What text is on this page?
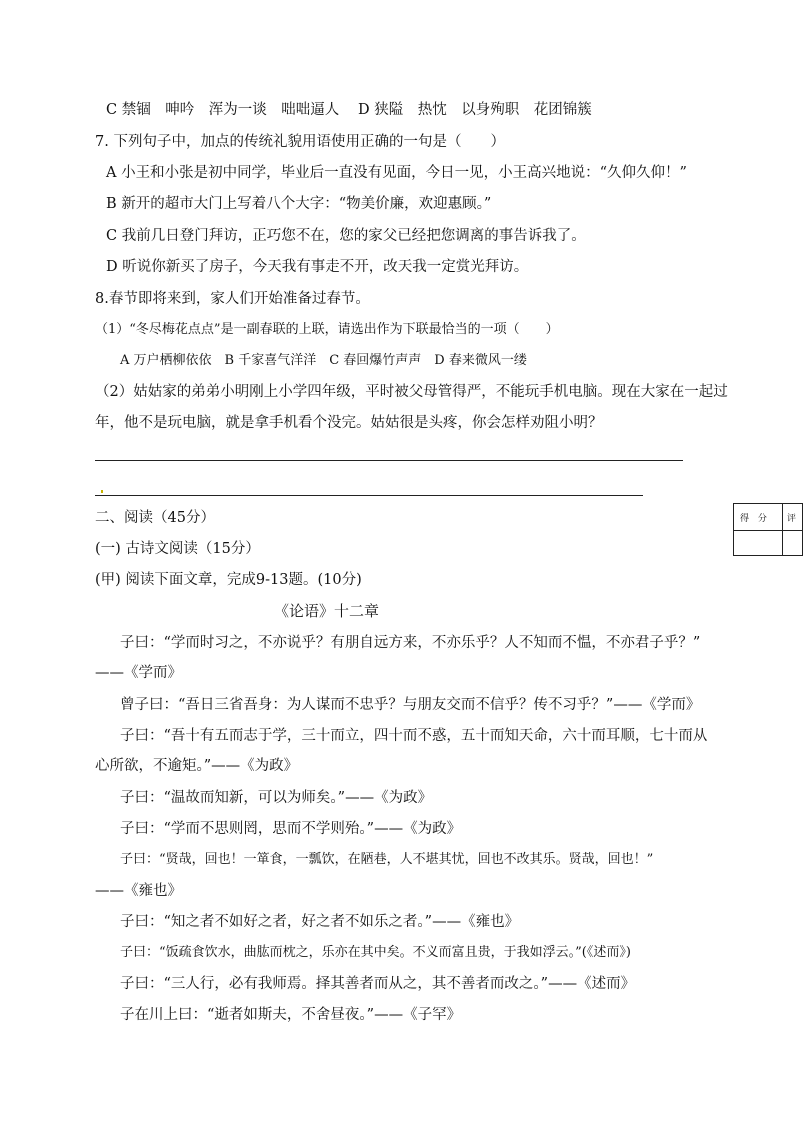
C 禁锢　呻吟　浑为一谈　咄咄逼人 D 狭隘　热忱　以身殉职　花团锦簇
7. 下列句子中，加点的传统礼貌用语使用正确的一句是（　　）
A 小王和小张是初中同学，毕业后一直没有见面，今日一见，小王高兴地说：“久仰久仰！”
B 新开的超市大门上写着八个大字：“物美价廉，欢迎惠顾。”
C 我前几日登门拜访，正巧您不在，您的家父已经把您调离的事告诉我了。
D 听说你新买了房子，今天我有事走不开，改天我一定赏光拜访。
8.春节即将来到，家人们开始准备过春节。
（1）“冬尽梅花点点”是一副春联的上联，请选出作为下联最恰当的一项（　　）
A 万户栖柳依依　B 千家喜气洋洋　C 春回爆竹声声　D 春来微风一缕
（2）姑姑家的弟弟小明刚上小学四年级，平时被父母管得严，不能玩手机电脑。现在大家在一起过
年，他不是玩电脑，就是拿手机看个没完。姑姑很是头疼，你会怎样劝阻小明？
二、阅读（45分）
(一) 古诗文阅读（15分）
(甲) 阅读下面文章，完成9-13题。(10分)
得 分 评
《论语》十二章
子曰：“学而时习之，不亦说乎？有朋自远方来，不亦乐乎？人不知而不愠，不亦君子乎？”
——《学而》
曾子曰：“吾日三省吾身：为人谋而不忠乎？与朋友交而不信乎？传不习乎？”——《学而》
子曰：“吾十有五而志于学，三十而立，四十而不惑，五十而知天命，六十而耳顺，七十而从
心所欲，不逾矩。”——《为政》
子曰：“温故而知新，可以为师矣。”——《为政》
子曰：“学而不思则罔，思而不学则殆。”——《为政》
子曰：“贤哉，回也！一箪食，一瓢饮，在陋巷，人不堪其忧，回也不改其乐。贤哉，回也！”
——《雍也》
子曰：“知之者不如好之者，好之者不如乐之者。”——《雍也》
子曰：“饭疏食饮水，曲肱而枕之，乐亦在其中矣。不义而富且贵，于我如浮云。”(《述而》)
子曰：“三人行，必有我师焉。择其善者而从之，其不善者而改之。”——《述而》
子在川上曰：“逝者如斯夫，不舍昼夜。”——《子罕》
